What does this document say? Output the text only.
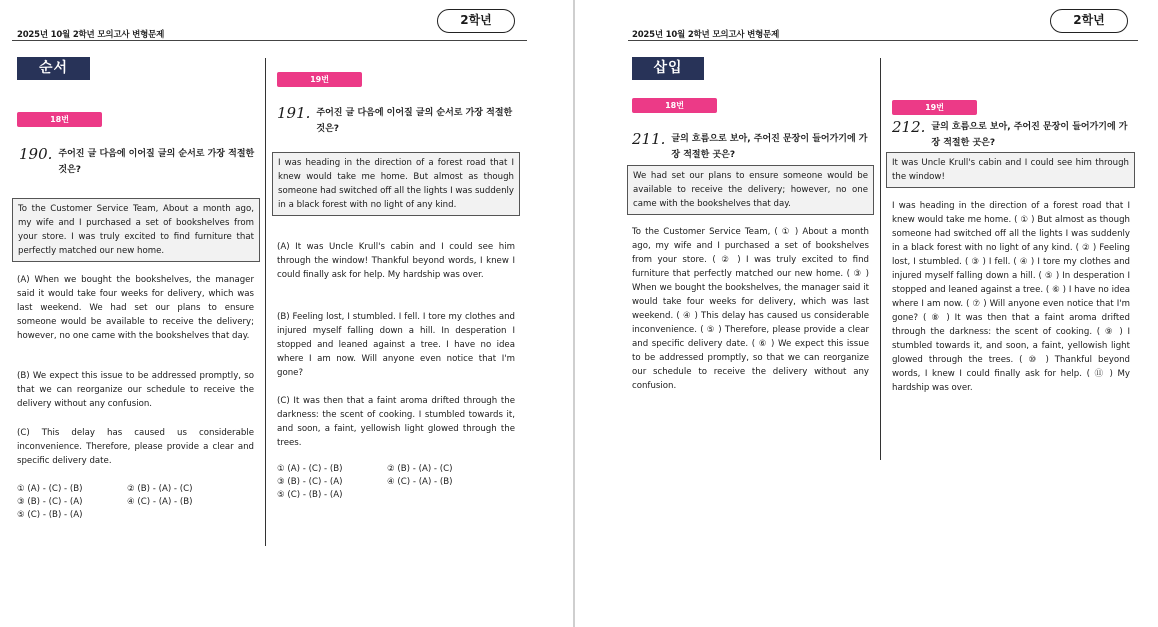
2025년 10월 2학년 모의고사 변형문제
2학년
순서
18번
190. 주어진 글 다음에 이어질 글의 순서로 가장 적절한 것은?
To the Customer Service Team, About a month ago, my wife and I purchased a set of bookshelves from your store. I was truly excited to find furniture that perfectly matched our new home.
(A) When we bought the bookshelves, the manager said it would take four weeks for delivery, which was last weekend. We had set our plans to ensure someone would be available to receive the delivery; however, no one came with the bookshelves that day.
(B) We expect this issue to be addressed promptly, so that we can reorganize our schedule to receive the delivery without any confusion.
(C) This delay has caused us considerable inconvenience. Therefore, please provide a clear and specific delivery date.
① (A) - (C) - (B)	② (B) - (A) - (C)
③ (B) - (C) - (A)	④ (C) - (A) - (B)
⑤ (C) - (B) - (A)
19번
191. 주어진 글 다음에 이어질 글의 순서로 가장 적절한 것은?
I was heading in the direction of a forest road that I knew would take me home. But almost as though someone had switched off all the lights I was suddenly in a black forest with no light of any kind.
(A) It was Uncle Krull's cabin and I could see him through the window! Thankful beyond words, I knew I could finally ask for help. My hardship was over.
(B) Feeling lost, I stumbled. I fell. I tore my clothes and injured myself falling down a hill. In desperation I stopped and leaned against a tree. I have no idea where I am now. Will anyone even notice that I'm gone?
(C) It was then that a faint aroma drifted through the darkness: the scent of cooking. I stumbled towards it, and soon, a faint, yellowish light glowed through the trees.
① (A) - (C) - (B)	② (B) - (A) - (C)
③ (B) - (C) - (A)	④ (C) - (A) - (B)
⑤ (C) - (B) - (A)
2025년 10월 2학년 모의고사 변형문제
2학년
삽입
18번
211. 글의 흐름으로 보아, 주어진 문장이 들어가기에 가장 적절한 곳은?
We had set our plans to ensure someone would be available to receive the delivery; however, no one came with the bookshelves that day.
To the Customer Service Team, ( ① ) About a month ago, my wife and I purchased a set of bookshelves from your store. ( ② ) I was truly excited to find furniture that perfectly matched our new home. ( ③ ) When we bought the bookshelves, the manager said it would take four weeks for delivery, which was last weekend. ( ④ ) This delay has caused us considerable inconvenience. ( ⑤ ) Therefore, please provide a clear and specific delivery date. ( ⑥ ) We expect this issue to be addressed promptly, so that we can reorganize our schedule to receive the delivery without any confusion.
19번
212. 글의 흐름으로 보아, 주어진 문장이 들어가기에 가장 적절한 곳은?
It was Uncle Krull's cabin and I could see him through the window!
I was heading in the direction of a forest road that I knew would take me home. ( ① ) But almost as though someone had switched off all the lights I was suddenly in a black forest with no light of any kind. ( ② ) Feeling lost, I stumbled. ( ③ ) I fell. ( ④ ) I tore my clothes and injured myself falling down a hill. ( ⑤ ) In desperation I stopped and leaned against a tree. ( ⑥ ) I have no idea where I am now. ( ⑦ ) Will anyone even notice that I'm gone? ( ⑧ ) It was then that a faint aroma drifted through the darkness: the scent of cooking. ( ⑨ ) I stumbled towards it, and soon, a faint, yellowish light glowed through the trees. ( ⑩ ) Thankful beyond words, I knew I could finally ask for help. ( ⑪ ) My hardship was over.
